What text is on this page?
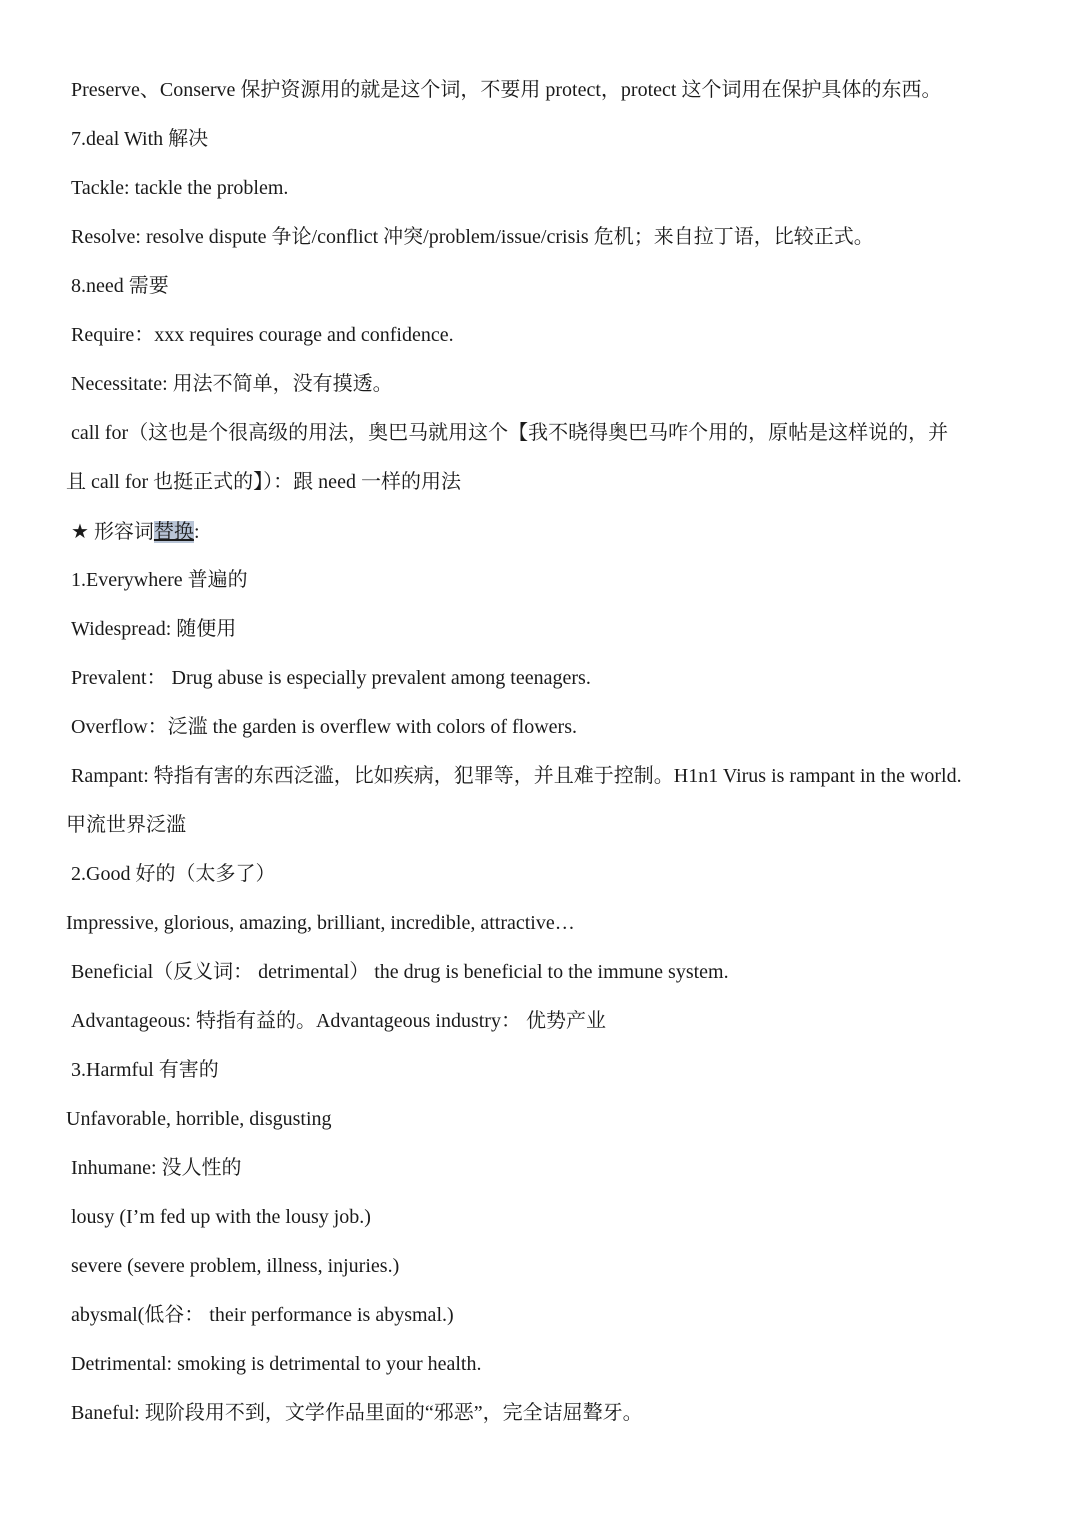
Preserve、Conserve 保护资源用的就是这个词，不要用 protect，protect 这个词用在保护具体的东西。
7.deal With 解决
Tackle: tackle the problem.
Resolve: resolve dispute 争论/conflict 冲突/problem/issue/crisis 危机；来自拉丁语，比较正式。
8.need 需要
Require：xxx requires courage and confidence.
Necessitate: 用法不简单，没有摸透。
call for（这也是个很高级的用法，奥巴马就用这个【我不晓得奥巴马咋个用的，原帖是这样说的，并
且 call for 也挺正式的】）：跟 need 一样的用法
★ 形容词替换:
1.Everywhere 普遍的
Widespread: 随便用
Prevalent： Drug abuse is especially prevalent among teenagers.
Overflow：泛滥 the garden is overflew with colors of flowers.
Rampant: 特指有害的东西泛滥，比如疾病，犯罪等，并且难于控制。H1n1 Virus is rampant in the world.
甲流世界泛滥
2.Good 好的（太多了）
Impressive, glorious, amazing, brilliant, incredible, attractive…
Beneficial（反义词： detrimental） the drug is beneficial to the immune system.
Advantageous: 特指有益的。Advantageous industry： 优势产业
3.Harmful 有害的
Unfavorable, horrible, disgusting
Inhumane: 没人性的
lousy (I’m fed up with the lousy job.)
severe (severe problem, illness, injuries.)
abysmal(低谷： their performance is abysmal.)
Detrimental: smoking is detrimental to your health.
Baneful: 现阶段用不到，文学作品里面的“邪恶”，完全诘屈聱牙。
